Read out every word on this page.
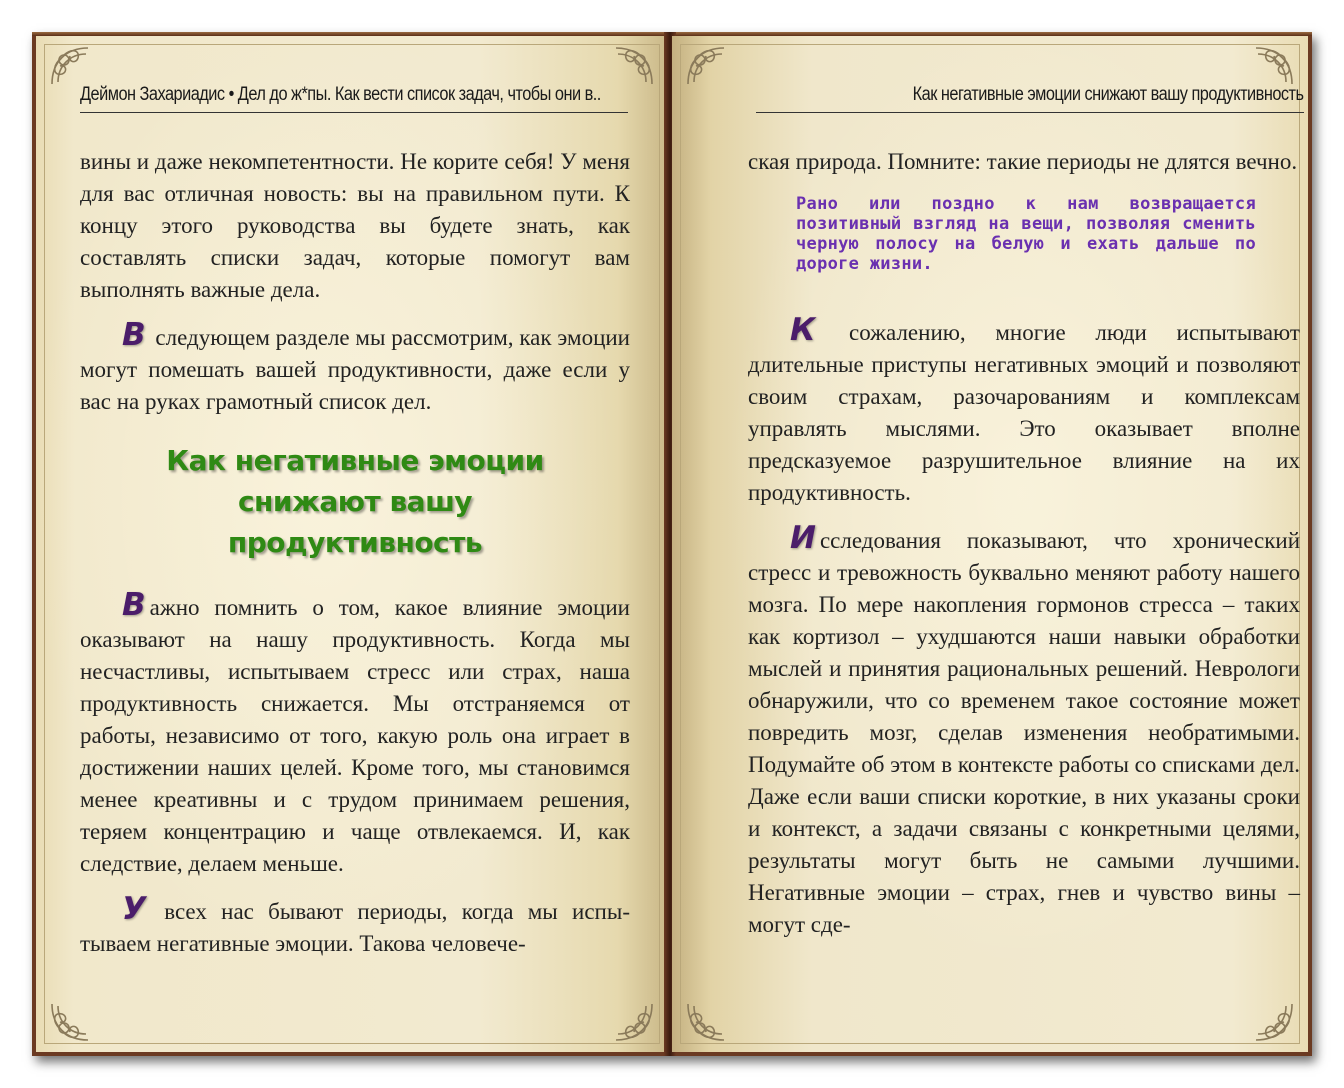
Деймон Захариадис • Дел до ж*пы. Как вести список задач, чтобы они в..

вины и даже некомпетентности. Не корите себя! У меня для вас отличная новость: вы на правильном пути. К концу этого руководства вы будете знать, как составлять списки задач, которые помогут вам выполнять важные дела.

В следующем разделе мы рассмотрим, как эмоции могут помешать вашей продуктивности, даже если у вас на руках грамотный список дел.

Как негативные эмоции
снижают вашу
продуктивность

В ажно помнить о том, какое влияние эмоции оказывают на нашу продуктивность. Когда мы несчастливы, испытываем стресс или страх, наша продуктивность снижается. Мы отстраняемся от работы, независимо от того, какую роль она играет в достижении наших целей. Кроме того, мы становимся менее креативны и с трудом принимаем решения, теряем концентрацию и чаще отвлекаемся. И, как следствие, делаем меньше.

У всех нас бывают периоды, когда мы испытываем негативные эмоции. Такова человече-

Как негативные эмоции снижают вашу продуктивность

ская природа. Помните: такие периоды не длятся вечно.

Рано или поздно к нам возвращается позитивный взгляд на вещи, позволяя сменить черную полосу на белую и ехать дальше по дороге жизни.

К сожалению, многие люди испытывают длительные приступы негативных эмоций и позволяют своим страхам, разочарованиям и комплексам управлять мыслями. Это оказывает вполне предсказуемое разрушительное влияние на их продуктивность.

И сследования показывают, что хронический стресс и тревожность буквально меняют работу нашего мозга. По мере накопления гормонов стресса – таких как кортизол – ухудшаются наши навыки обработки мыслей и принятия рациональных решений. Неврологи обнаружили, что со временем такое состояние может повредить мозг, сделав изменения необратимыми. Подумайте об этом в контексте работы со списками дел. Даже если ваши списки короткие, в них указаны сроки и контекст, а задачи связаны с конкретными целями, результаты могут быть не самыми лучшими. Негативные эмоции – страх, гнев и чувство вины – могут сде-
